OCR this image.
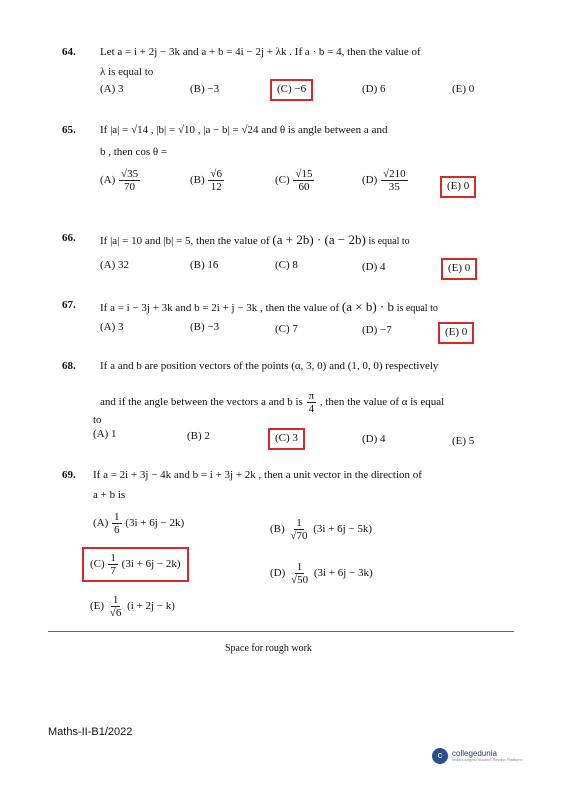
64. Let a = i + 2j − 3k and a + b = 4i − 2j + λk . If a · b = 4, then the value of
λ is equal to
(A) 3	(B) −3	(C) −6	(D) 6	(E) 0
65. If |a| = √14 , |b| = √10 , |a − b| = √24 and θ is angle between a and
b , then cos θ =
$(A) \frac{√35}{70}$	$(B) \frac{√6}{12}$	$(C) \frac{√15}{60}$	$(D) \frac{√210}{35}$	(E) 0
66. If |a| = 10 and |b| = 5, then the value of (a + 2b) · (a − 2b) is equal to
(A) 32	(B) 16	(C) 8	(D) 4	(E) 0
67. If a = i − 3j + 3k and b = 2i + j − 3k , then the value of (a × b) · b is equal to
(A) 3	(B) −3	(C) 7	(D) −7	(E) 0
68. If a and b are position vectors of the points (α, 3, 0) and (1, 0, 0) respectively
and if the angle between the vectors a and b is $\frac{\pi}{4}$ , then the value of α is equal
to
(A) 1	(B) 2	(C) 3	(D) 4	(E) 5
69. If a = 2i + 3j − 4k and b = i + 3j + 2k , then a unit vector in the direction of
a + b is
$(A) \frac{1}{6} (3i + 6j - 2k)$	$(B) \frac{1}{√70} (3i + 6j - 5k)$
$(C) \frac{1}{7} (3i + 6j - 2k)$
$(D) \frac{1}{√50} (3i + 6j - 3k)$
$(E) \frac{1}{√6} (i + 2j - k)$
Space for rough work
Maths-II-B1/2022
c	collegedunia
India's largest Student Review Platform
